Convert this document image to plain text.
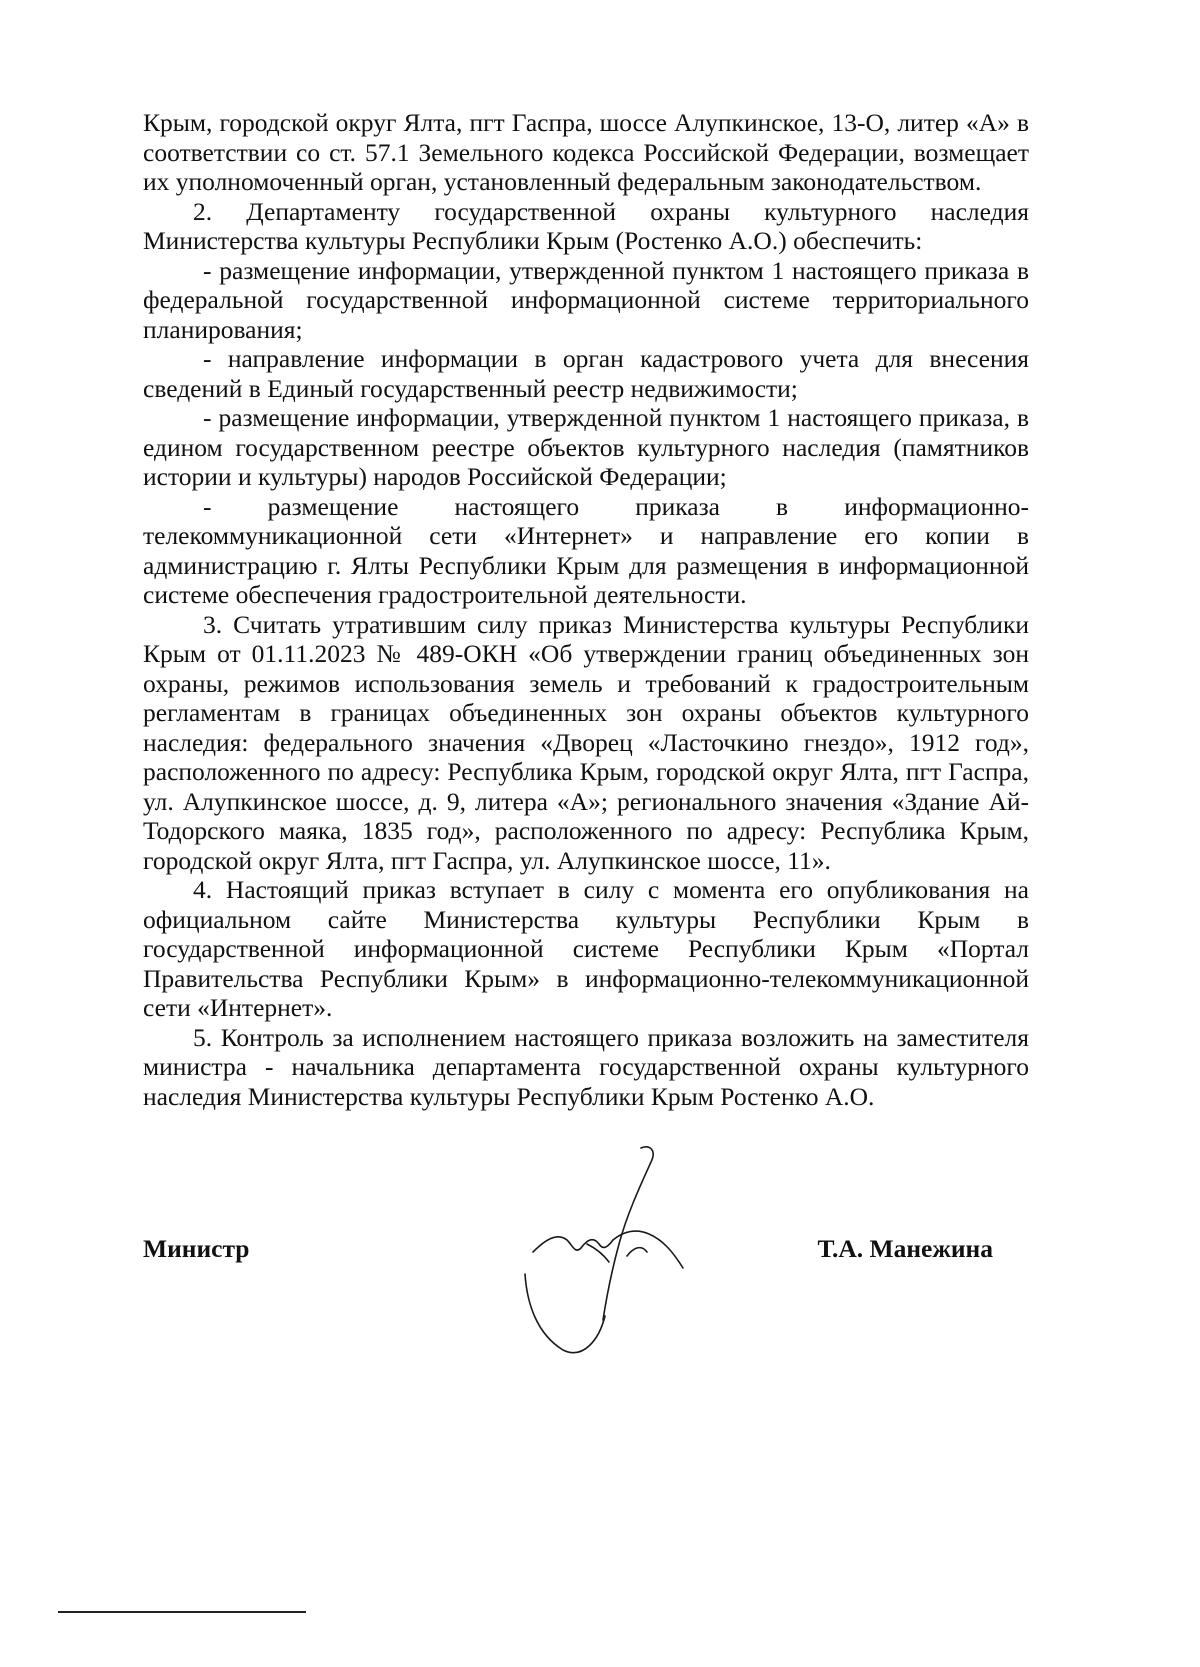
Крым, городской округ Ялта, пгт Гаспра, шоссе Алупкинское, 13-О, литер «А» в соответствии со ст. 57.1 Земельного кодекса Российской Федерации, возмещает их уполномоченный орган, установленный федеральным законодательством.

2. Департаменту государственной охраны культурного наследия Министерства культуры Республики Крым (Ростенко А.О.) обеспечить:

- размещение информации, утвержденной пунктом 1 настоящего приказа в федеральной государственной информационной системе территориального планирования;

- направление информации в орган кадастрового учета для внесения сведений в Единый государственный реестр недвижимости;

- размещение информации, утвержденной пунктом 1 настоящего приказа, в едином государственном реестре объектов культурного наследия (памятников истории и культуры) народов Российской Федерации;

- размещение настоящего приказа в информационно-телекоммуникационной сети «Интернет» и направление его копии в администрацию г. Ялты Республики Крым для размещения в информационной системе обеспечения градостроительной деятельности.

3. Считать утратившим силу приказ Министерства культуры Республики Крым от 01.11.2023 № 489-ОКН «Об утверждении границ объединенных зон охраны, режимов использования земель и требований к градостроительным регламентам в границах объединенных зон охраны объектов культурного наследия: федерального значения «Дворец «Ласточкино гнездо», 1912 год», расположенного по адресу: Республика Крым, городской округ Ялта, пгт Гаспра, ул. Алупкинское шоссе, д. 9, литера «А»; регионального значения «Здание Ай-Тодорского маяка, 1835 год», расположенного по адресу: Республика Крым, городской округ Ялта, пгт Гаспра, ул. Алупкинское шоссе, 11».

4. Настоящий приказ вступает в силу с момента его опубликования на официальном сайте Министерства культуры Республики Крым в государственной информационной системе Республики Крым «Портал Правительства Республики Крым» в информационно-телекоммуникационной сети «Интернет».

5. Контроль за исполнением настоящего приказа возложить на заместителя министра - начальника департамента государственной охраны культурного наследия Министерства культуры Республики Крым Ростенко А.О.

Министр	Т.А. Манежина
